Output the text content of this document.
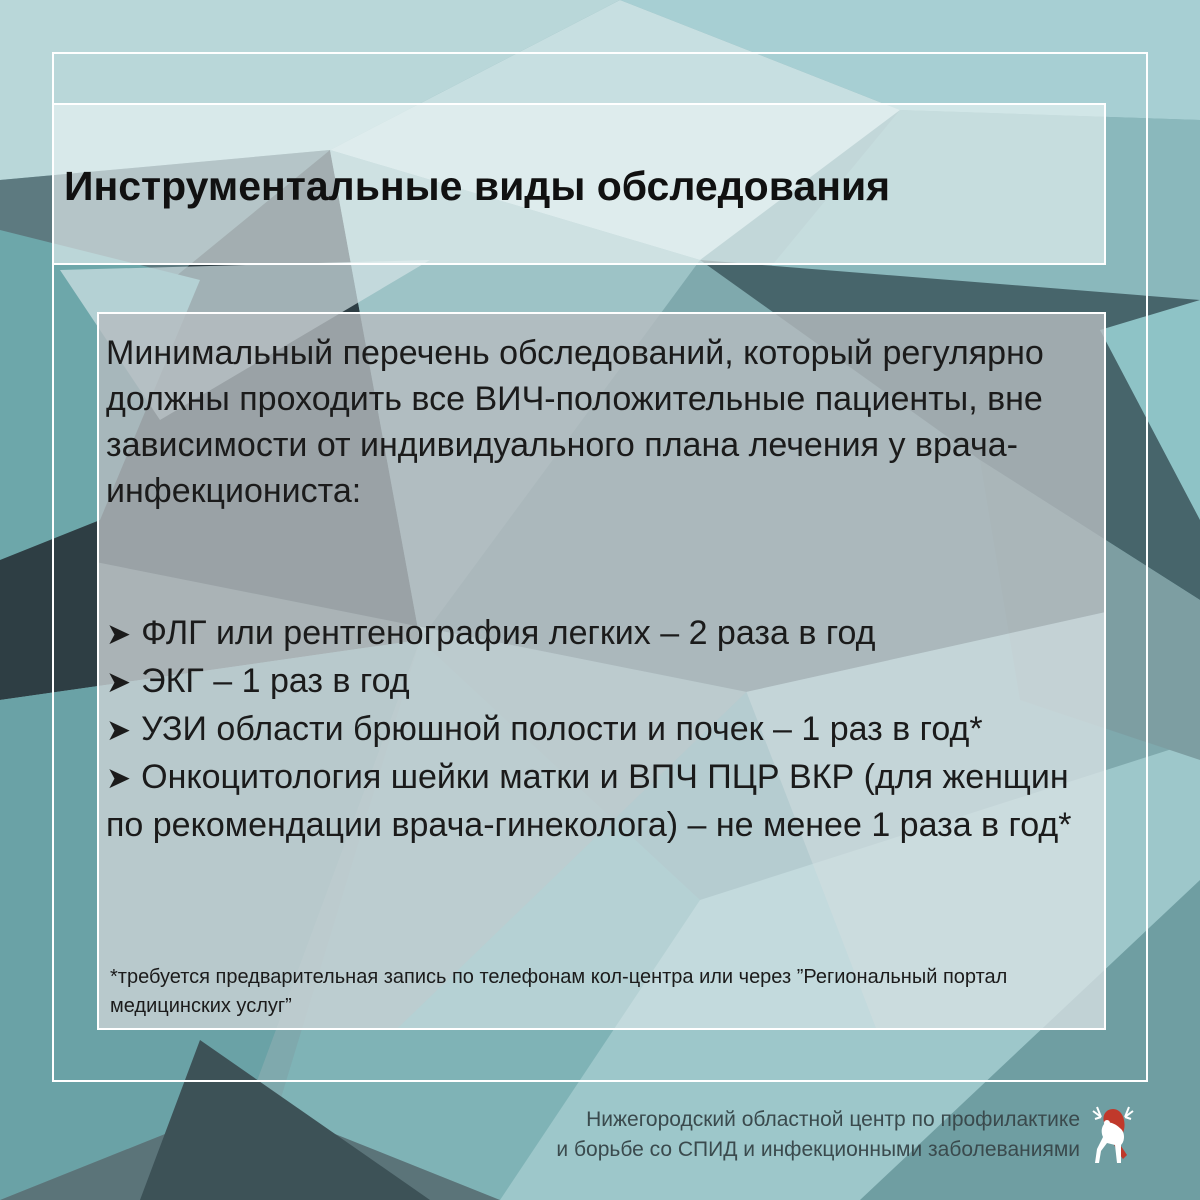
Инструментальные виды обследования

Минимальный перечень обследований, который регулярно должны проходить все ВИЧ-положительные пациенты, вне зависимости от индивидуального плана лечения у врача-инфекциониста:

➤ ФЛГ или рентгенография легких – 2 раза в год
➤ ЭКГ – 1 раз в год
➤ УЗИ области брюшной полости и почек – 1 раз в год*
➤ Онкоцитология шейки матки и ВПЧ ПЦР ВКР (для женщин по рекомендации врача-гинеколога) – не менее 1 раза в год*

*требуется предварительная запись по телефонам кол-центра или через ”Региональный портал медицинских услуг”

Нижегородский областной центр по профилактике
и борьбе со СПИД и инфекционными заболеваниями
